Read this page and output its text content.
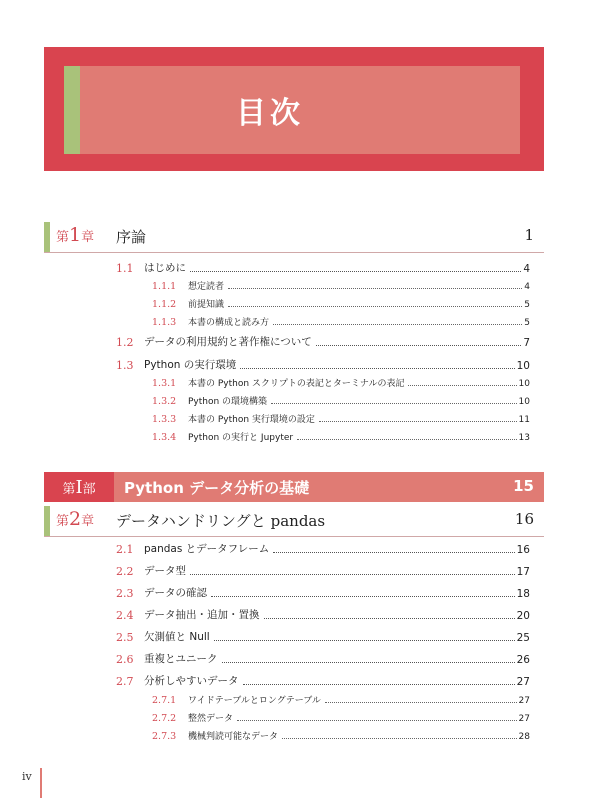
目次
第1章 序論	1
1.1	はじめに	4
1.1.1	想定読者	4
1.1.2	前提知識	5
1.1.3	本書の構成と読み方	5
1.2	データの利用規約と著作権について	7
1.3	Python の実行環境	10
1.3.1	本書の Python スクリプトの表記とターミナルの表記	10
1.3.2	Python の環境構築	10
1.3.3	本書の Python 実行環境の設定	11
1.3.4	Python の実行と Jupyter	13
第 I 部 Python データ分析の基礎	15
第2章 データハンドリングと pandas	16
2.1	pandas とデータフレーム	16
2.2	データ型	17
2.3	データの確認	18
2.4	データ抽出・追加・置換	20
2.5	欠測値と Null	25
2.6	重複とユニーク	26
2.7	分析しやすいデータ	27
2.7.1	ワイドテーブルとロングテーブル	27
2.7.2	整然データ	27
2.7.3	機械判読可能なデータ	28
iv
